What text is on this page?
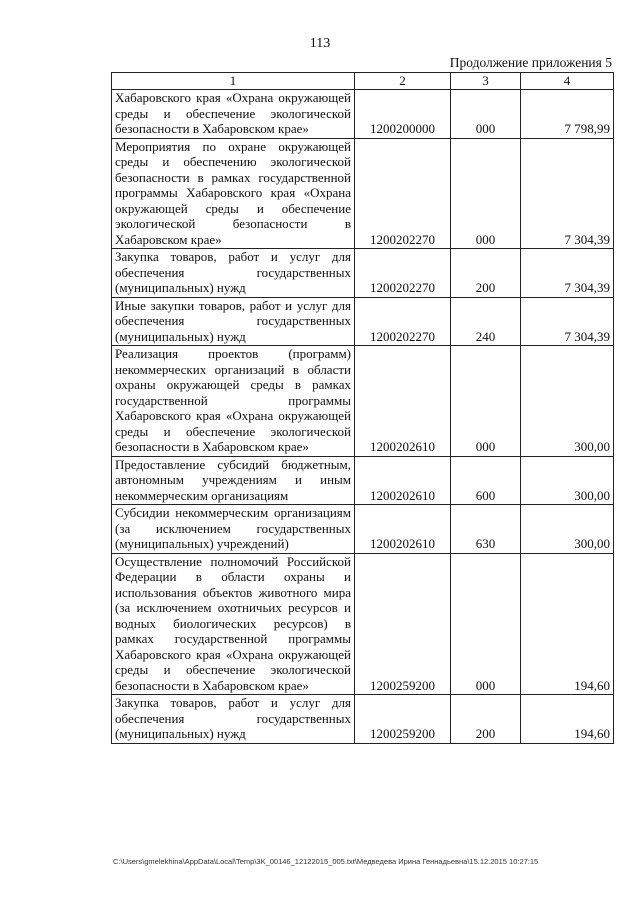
113
Продолжение приложения 5
1	2	3	4
Хабаровского края «Охрана окружающей среды и обеспечение экологической безопасности в Хабаровском крае»	1200200000	000	7 798,99
Мероприятия по охране окружающей среды и обеспечению экологической безопасности в рамках государственной программы Хабаровского края «Охрана окружающей среды и обеспечение экологической безопасности в Хабаровском крае»	1200202270	000	7 304,39
Закупка товаров, работ и услуг для обеспечения государственных (муниципальных) нужд	1200202270	200	7 304,39
Иные закупки товаров, работ и услуг для обеспечения государственных (муниципальных) нужд	1200202270	240	7 304,39
Реализация проектов (программ) некоммерческих организаций в области охраны окружающей среды в рамках государственной программы Хабаровского края «Охрана окружающей среды и обеспечение экологической безопасности в Хабаровском крае»	1200202610	000	300,00
Предоставление субсидий бюджетным, автономным учреждениям и иным некоммерческим организациям	1200202610	600	300,00
Субсидии некоммерческим организациям (за исключением государственных (муниципальных) учреждений)	1200202610	630	300,00
Осуществление полномочий Российской Федерации в области охраны и использования объектов животного мира (за исключением охотничьих ресурсов и водных биологических ресурсов) в рамках государственной программы Хабаровского края «Охрана окружающей среды и обеспечение экологической безопасности в Хабаровском крае»	1200259200	000	194,60
Закупка товаров, работ и услуг для обеспечения государственных (муниципальных) нужд	1200259200	200	194,60
C:\Users\gmelekhina\AppData\Local\Temp\3K_00146_12122015_005.txt\Медведева Ирина Геннадьевна\15.12.2015 10:27:15
